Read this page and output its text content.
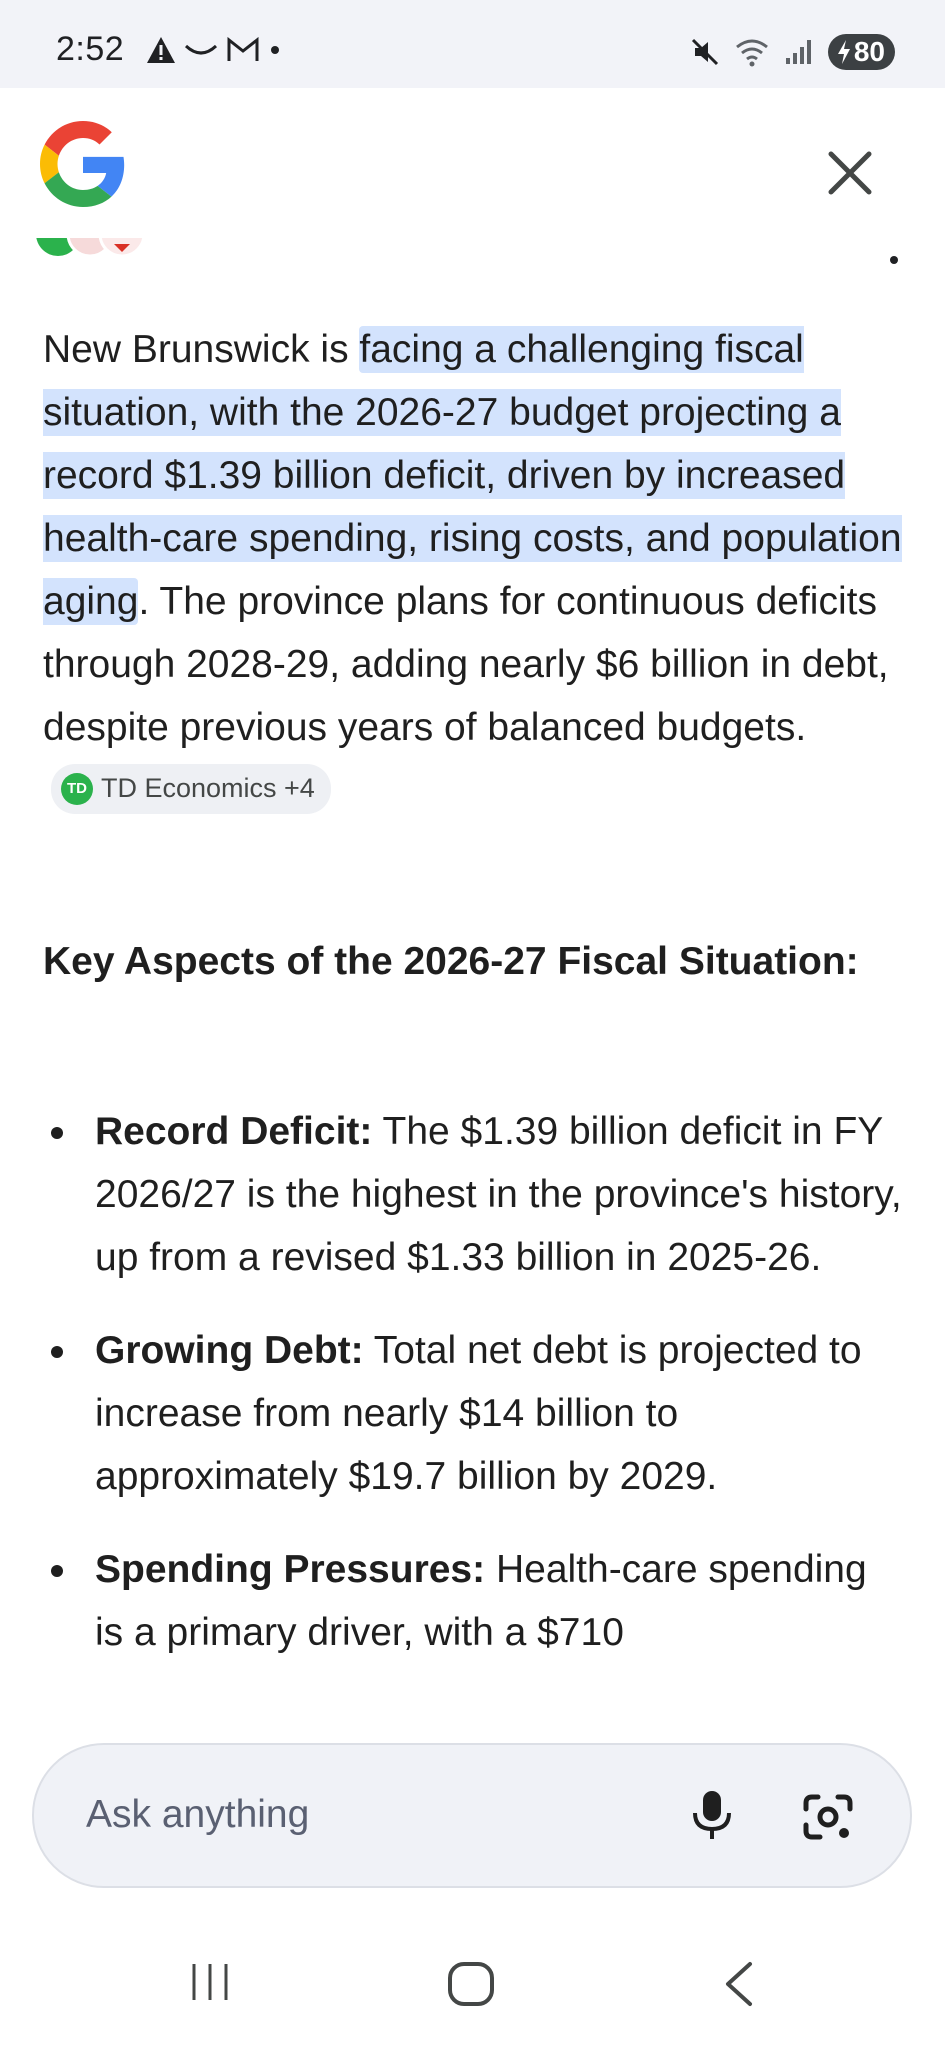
2:52	80
New Brunswick is facing a challenging fiscal situation, with the 2026-27 budget projecting a record $1.39 billion deficit, driven by increased health-care spending, rising costs, and population aging. The province plans for continuous deficits through 2028-29, adding nearly $6 billion in debt, despite previous years of balanced budgets.
TD TD Economics +4
Key Aspects of the 2026-27 Fiscal Situation:
Record Deficit: The $1.39 billion deficit in FY 2026/27 is the highest in the province's history, up from a revised $1.33 billion in 2025-26.
Growing Debt: Total net debt is projected to increase from nearly $14 billion to approximately $19.7 billion by 2029.
Spending Pressures: Health-care spending is a primary driver, with a $710
Ask anything
